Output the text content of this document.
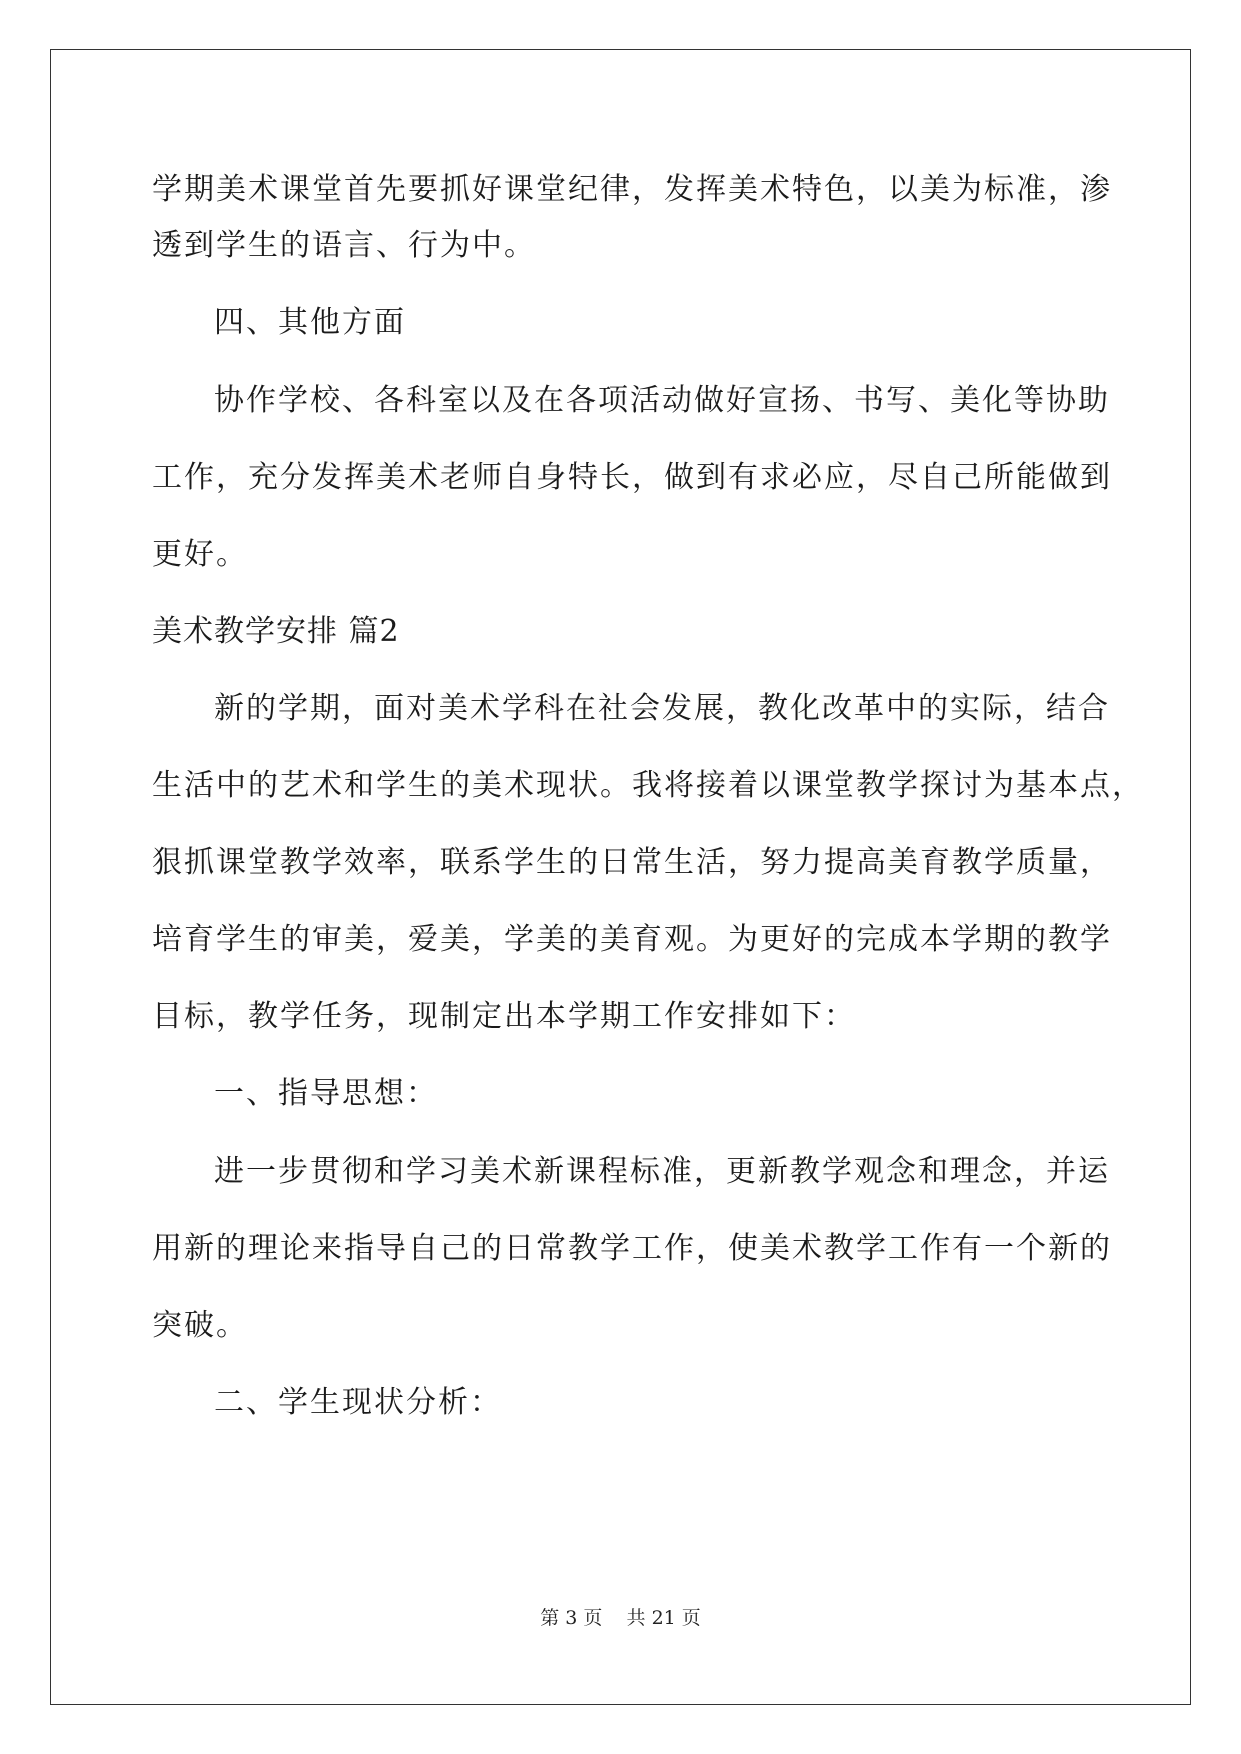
学期美术课堂首先要抓好课堂纪律，发挥美术特色，以美为标准，渗
透到学生的语言、行为中。
四、其他方面
协作学校、各科室以及在各项活动做好宣扬、书写、美化等协助
工作，充分发挥美术老师自身特长，做到有求必应，尽自己所能做到
更好。
美术教学安排 篇2
新的学期，面对美术学科在社会发展，教化改革中的实际，结合
生活中的艺术和学生的美术现状。我将接着以课堂教学探讨为基本点，
狠抓课堂教学效率，联系学生的日常生活，努力提高美育教学质量，
培育学生的审美，爱美，学美的美育观。为更好的完成本学期的教学
目标，教学任务，现制定出本学期工作安排如下：
一、指导思想：
进一步贯彻和学习美术新课程标准，更新教学观念和理念，并运
用新的理论来指导自己的日常教学工作，使美术教学工作有一个新的
突破。
二、学生现状分析：
第 3 页    共 21 页
